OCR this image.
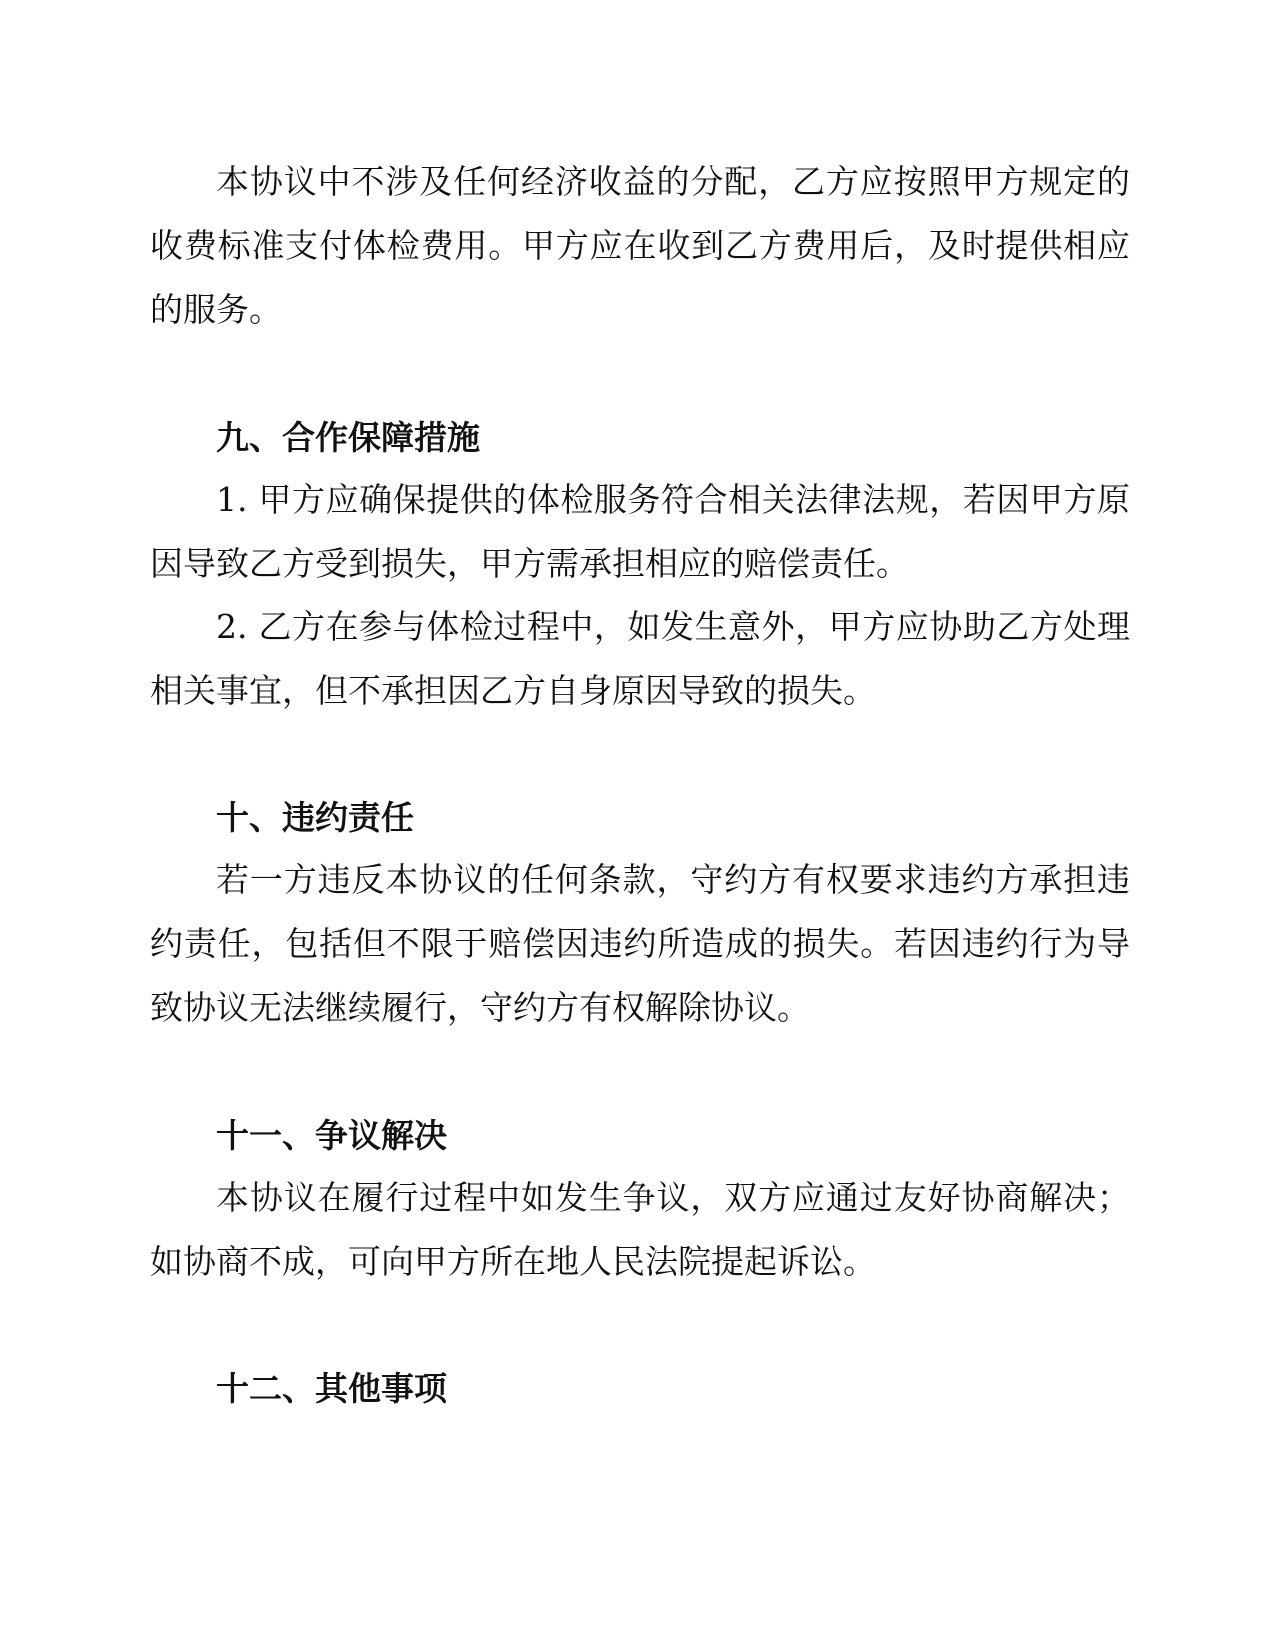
本协议中不涉及任何经济收益的分配，乙方应按照甲方规定的收费标准支付体检费用。甲方应在收到乙方费用后，及时提供相应的服务。

九、合作保障措施

1. 甲方应确保提供的体检服务符合相关法律法规，若因甲方原因导致乙方受到损失，甲方需承担相应的赔偿责任。

2. 乙方在参与体检过程中，如发生意外，甲方应协助乙方处理相关事宜，但不承担因乙方自身原因导致的损失。

十、违约责任

若一方违反本协议的任何条款，守约方有权要求违约方承担违约责任，包括但不限于赔偿因违约所造成的损失。若因违约行为导致协议无法继续履行，守约方有权解除协议。

十一、争议解决

本协议在履行过程中如发生争议，双方应通过友好协商解决；如协商不成，可向甲方所在地人民法院提起诉讼。

十二、其他事项
